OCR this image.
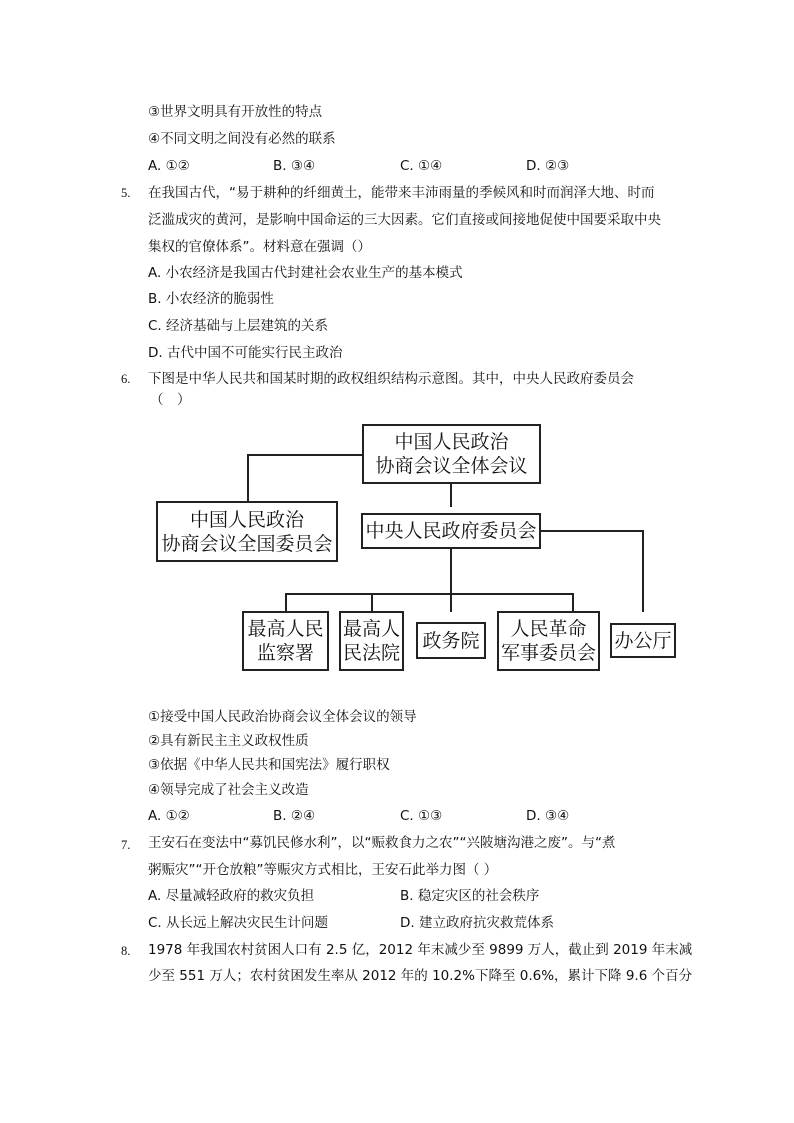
③世界文明具有开放性的特点
④不同文明之间没有必然的联系
A. ①②	B. ③④	C. ①④	D. ②③
5. 在我国古代，“易于耕种的纤细黄土，能带来丰沛雨量的季候风和时而润泽大地、时而
泛滥成灾的黄河，是影响中国命运的三大因素。它们直接或间接地促使中国要采取中央
集权的官僚体系”。材料意在强调（）
A. 小农经济是我国古代封建社会农业生产的基本模式
B. 小农经济的脆弱性
C. 经济基础与上层建筑的关系
D. 古代中国不可能实行民主政治
6. 下图是中华人民共和国某时期的政权组织结构示意图。其中，中央人民政府委员会
（　）
中国人民政治
协商会议全体会议
中国人民政治
协商会议全国委员会
中央人民政府委员会
最高人民
监察署
最高人
民法院
政务院
人民革命
军事委员会
办公厅
①接受中国人民政治协商会议全体会议的领导
②具有新民主主义政权性质
③依据《中华人民共和国宪法》履行职权
④领导完成了社会主义改造
A. ①②	B. ②④	C. ①③	D. ③④
7. 王安石在变法中“募饥民修水利”，以“赈救食力之农”“兴陂塘沟港之废”。与“煮
粥赈灾”“开仓放粮”等赈灾方式相比，王安石此举力图（ ）
A. 尽量减轻政府的救灾负担	B. 稳定灾区的社会秩序
C. 从长远上解决灾民生计问题	D. 建立政府抗灾救荒体系
8. 1978 年我国农村贫困人口有 2.5 亿，2012 年末减少至 9899 万人，截止到 2019 年末减
少至 551 万人；农村贫困发生率从 2012 年的 10.2%下降至 0.6%，累计下降 9.6 个百分
